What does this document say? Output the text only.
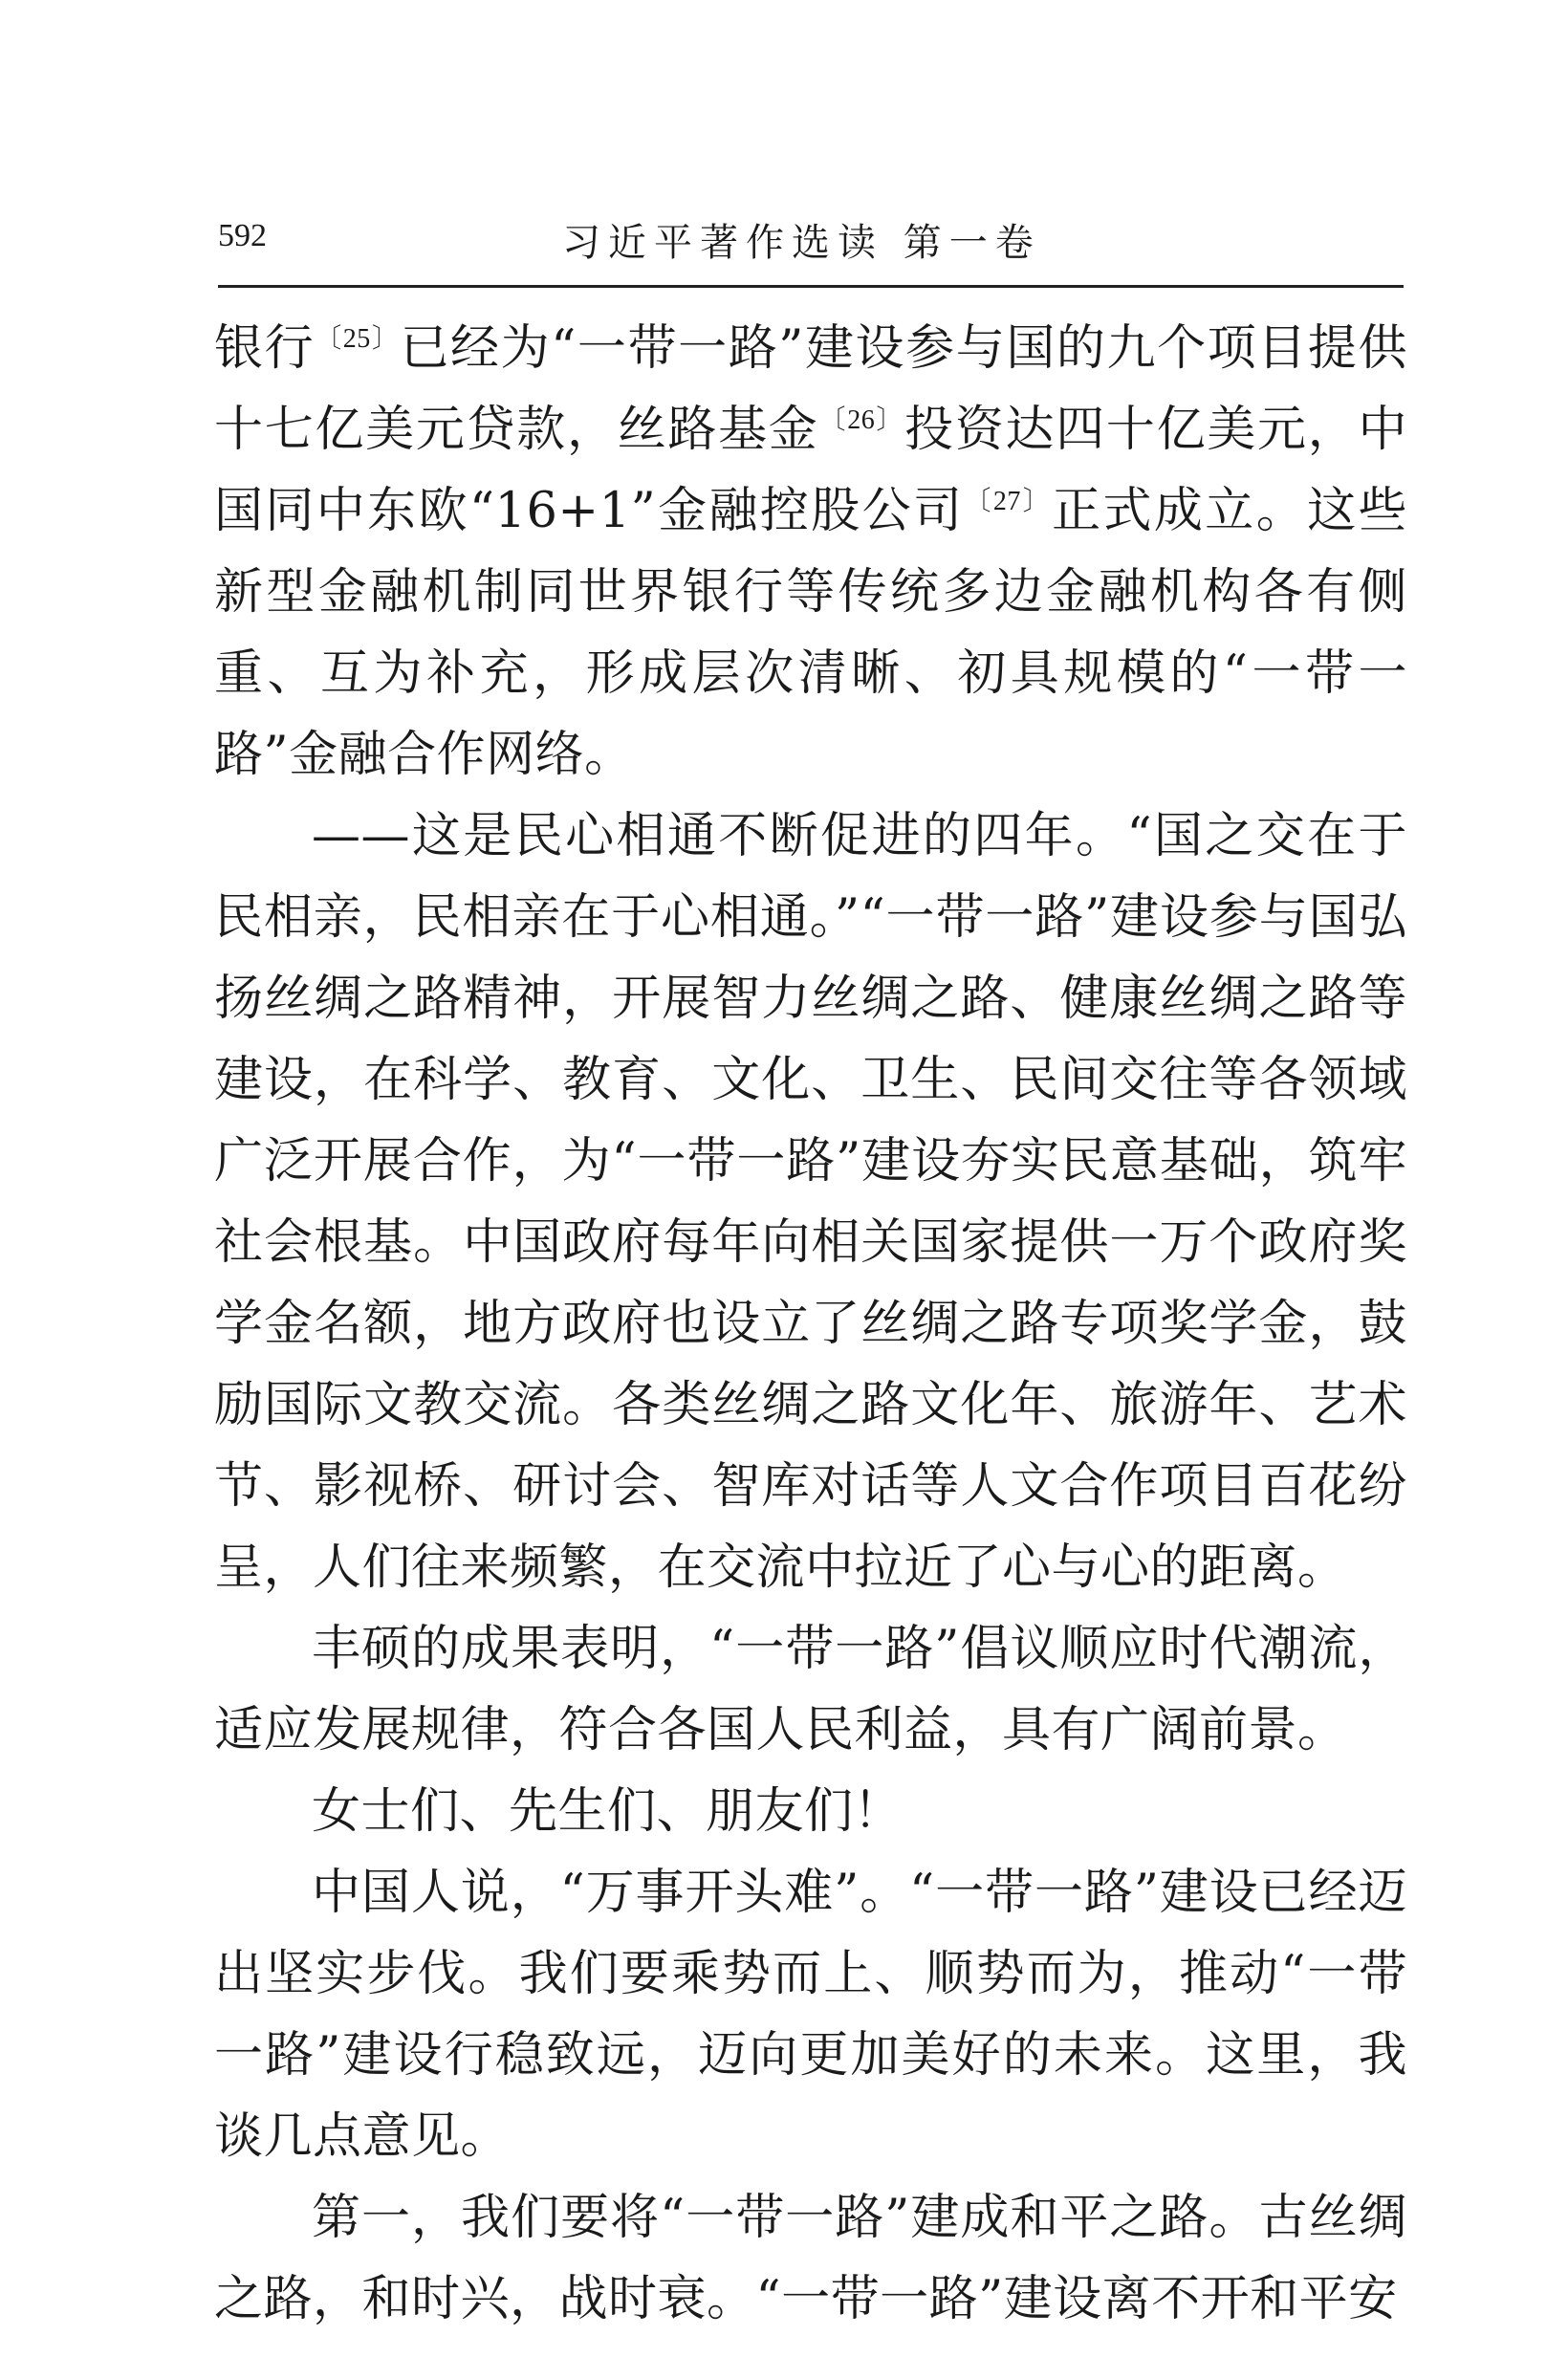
592	习近平著作选读 第一卷

银行$^{〔25〕}$已经为“一带一路”建设参与国的九个项目提供十七亿美元贷款，丝路基金$^{〔26〕}$投资达四十亿美元，中国同中东欧“16+1”金融控股公司$^{〔27〕}$正式成立。这些新型金融机制同世界银行等传统多边金融机构各有侧重、互为补充，形成层次清晰、初具规模的“一带一路”金融合作网络。

——这是民心相通不断促进的四年。“国之交在于民相亲，民相亲在于心相通。”“一带一路”建设参与国弘扬丝绸之路精神，开展智力丝绸之路、健康丝绸之路等建设，在科学、教育、文化、卫生、民间交往等各领域广泛开展合作，为“一带一路”建设夯实民意基础，筑牢社会根基。中国政府每年向相关国家提供一万个政府奖学金名额，地方政府也设立了丝绸之路专项奖学金，鼓励国际文教交流。各类丝绸之路文化年、旅游年、艺术节、影视桥、研讨会、智库对话等人文合作项目百花纷呈，人们往来频繁，在交流中拉近了心与心的距离。

丰硕的成果表明，“一带一路”倡议顺应时代潮流，适应发展规律，符合各国人民利益，具有广阔前景。

女士们、先生们、朋友们！

中国人说，“万事开头难”。“一带一路”建设已经迈出坚实步伐。我们要乘势而上、顺势而为，推动“一带一路”建设行稳致远，迈向更加美好的未来。这里，我谈几点意见。

第一，我们要将“一带一路”建成和平之路。古丝绸之路，和时兴，战时衰。“一带一路”建设离不开和平安
